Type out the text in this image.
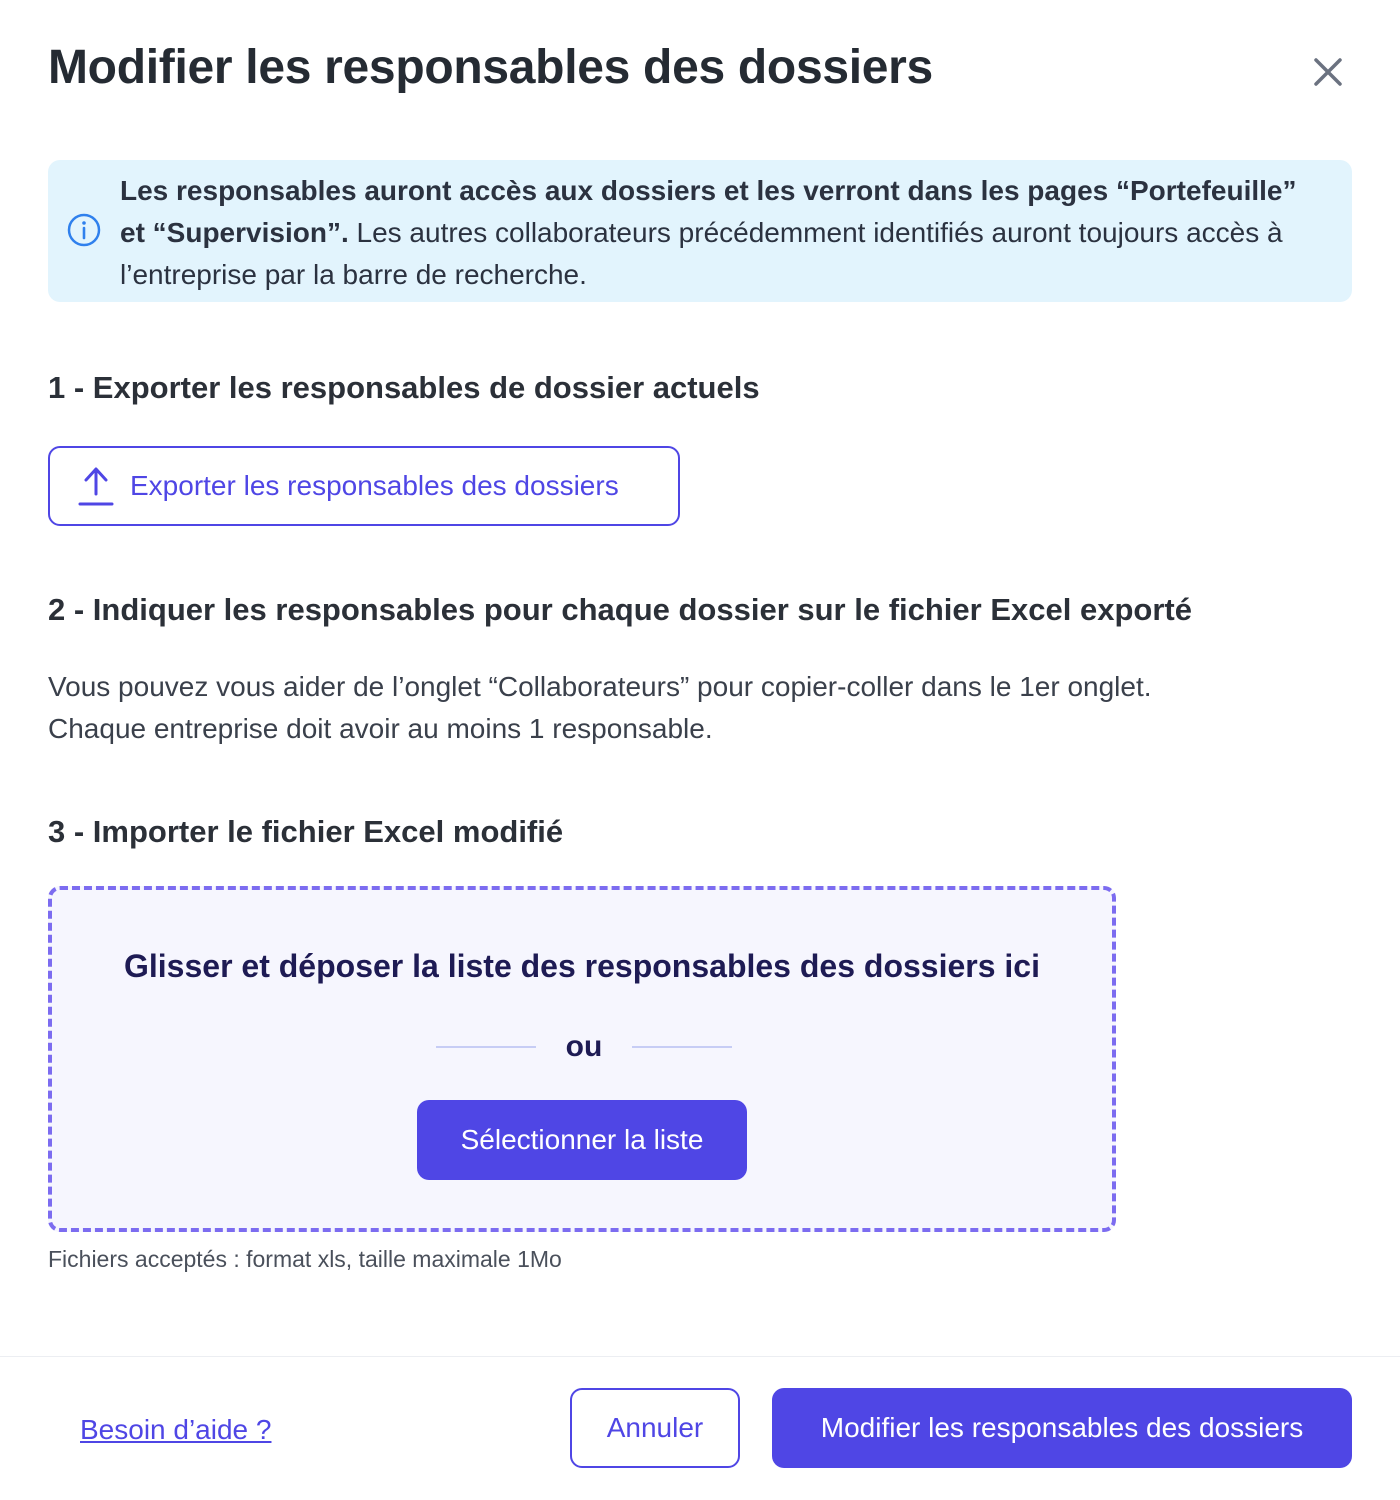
Modifier les responsables des dossiers
Les responsables auront accès aux dossiers et les verront dans les pages “Portefeuille” et “Supervision”. Les autres collaborateurs précédemment identifiés auront toujours accès à l’entreprise par la barre de recherche.
1 - Exporter les responsables de dossier actuels
Exporter les responsables des dossiers
2 - Indiquer les responsables pour chaque dossier sur le fichier Excel exporté
Vous pouvez vous aider de l’onglet “Collaborateurs” pour copier-coller dans le 1er onglet.
Chaque entreprise doit avoir au moins 1 responsable.
3 - Importer le fichier Excel modifié
Glisser et déposer la liste des responsables des dossiers ici
ou
Sélectionner la liste
Fichiers acceptés : format xls, taille maximale 1Mo
Besoin d’aide ?	Annuler	Modifier les responsables des dossiers
